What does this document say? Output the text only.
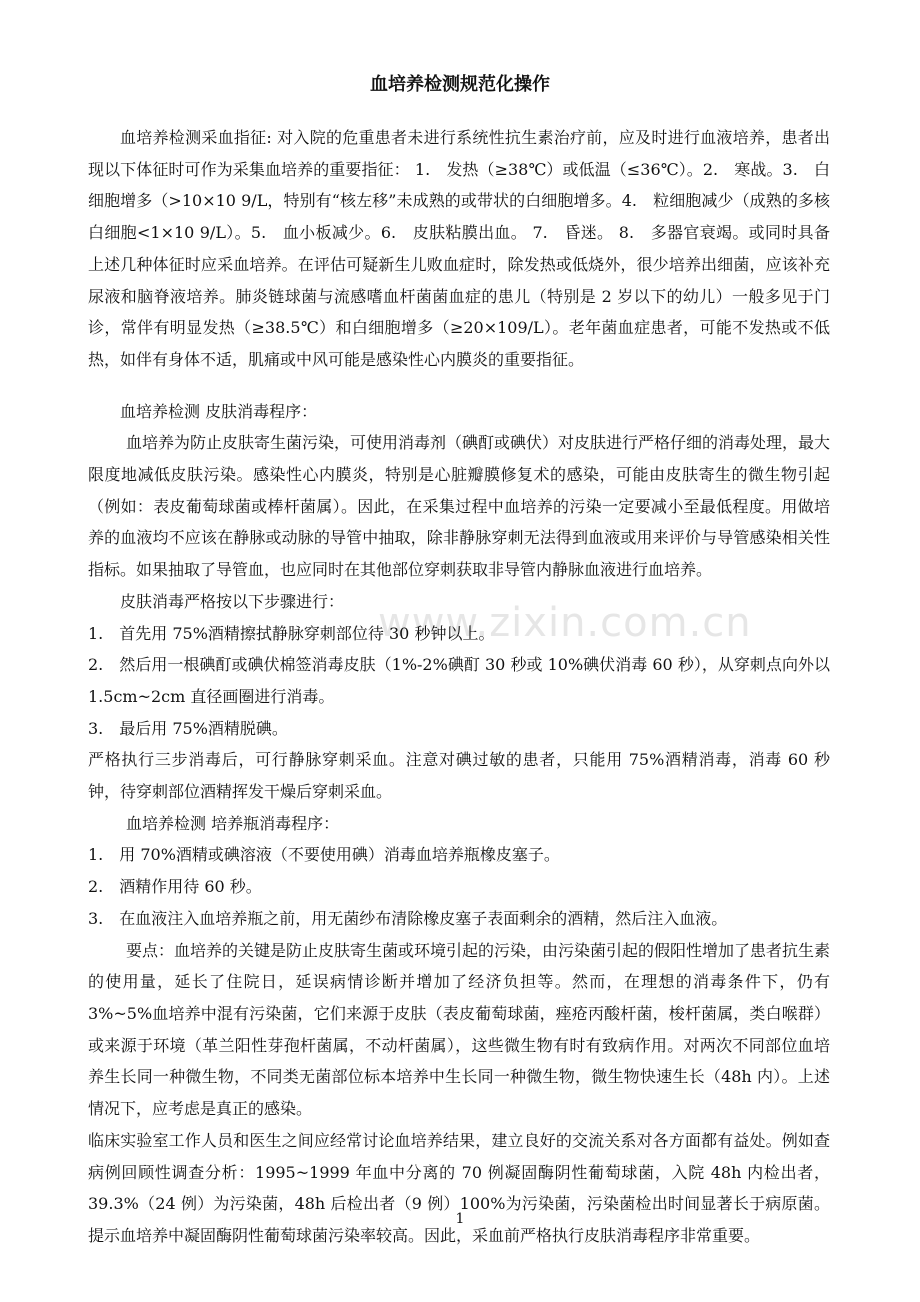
血培养检测规范化操作
www.zixin.com.cn

血培养检测采血指征: 对入院的危重患者未进行系统性抗生素治疗前，应及时进行血液培养，患者出现以下体征时可作为采集血培养的重要指征： 1.　发热（≥38℃）或低温（≤36℃）。2.　寒战。3.　白细胞增多（>10×10 9/L，特别有“核左移”未成熟的或带状的白细胞增多。4.　粒细胞减少（成熟的多核白细胞<1×10 9/L）。5.　血小板减少。6.　皮肤粘膜出血。 7.　昏迷。 8.　多器官衰竭。或同时具备上述几种体征时应采血培养。在评估可疑新生儿败血症时，除发热或低烧外，很少培养出细菌，应该补充尿液和脑脊液培养。肺炎链球菌与流感嗜血杆菌菌血症的患儿（特别是 2 岁以下的幼儿）一般多见于门诊，常伴有明显发热（≥38.5℃）和白细胞增多（≥20×109/L）。老年菌血症患者，可能不发热或不低热，如伴有身体不适，肌痛或中风可能是感染性心内膜炎的重要指征。

血培养检测 皮肤消毒程序：

血培养为防止皮肤寄生菌污染，可使用消毒剂（碘酊或碘伏）对皮肤进行严格仔细的消毒处理，最大限度地减低皮肤污染。感染性心内膜炎，特别是心脏瓣膜修复术的感染，可能由皮肤寄生的微生物引起（例如：表皮葡萄球菌或棒杆菌属）。因此，在采集过程中血培养的污染一定要减小至最低程度。用做培养的血液均不应该在静脉或动脉的导管中抽取，除非静脉穿刺无法得到血液或用来评价与导管感染相关性指标。如果抽取了导管血，也应同时在其他部位穿刺获取非导管内静脉血液进行血培养。

皮肤消毒严格按以下步骤进行：

1.　首先用 75%酒精擦拭静脉穿刺部位待 30 秒钟以上。

2.　然后用一根碘酊或碘伏棉签消毒皮肤（1%-2%碘酊 30 秒或 10%碘伏消毒 60 秒），从穿刺点向外以 1.5cm~2cm 直径画圈进行消毒。

3.　最后用 75%酒精脱碘。

严格执行三步消毒后，可行静脉穿刺采血。注意对碘过敏的患者，只能用 75%酒精消毒，消毒 60 秒钟，待穿刺部位酒精挥发干燥后穿刺采血。

血培养检测 培养瓶消毒程序：

1.　用 70%酒精或碘溶液（不要使用碘）消毒血培养瓶橡皮塞子。

2.　酒精作用待 60 秒。

3.　在血液注入血培养瓶之前，用无菌纱布清除橡皮塞子表面剩余的酒精，然后注入血液。

要点：血培养的关键是防止皮肤寄生菌或环境引起的污染，由污染菌引起的假阳性增加了患者抗生素的使用量，延长了住院日，延误病情诊断并增加了经济负担等。然而，在理想的消毒条件下，仍有 3%~5%血培养中混有污染菌，它们来源于皮肤（表皮葡萄球菌，痤疮丙酸杆菌，梭杆菌属，类白喉群）或来源于环境（革兰阳性芽孢杆菌属，不动杆菌属），这些微生物有时有致病作用。对两次不同部位血培养生长同一种微生物，不同类无菌部位标本培养中生长同一种微生物，微生物快速生长（48h 内）。上述情况下，应考虑是真正的感染。

临床实验室工作人员和医生之间应经常讨论血培养结果，建立良好的交流关系对各方面都有益处。例如查病例回顾性调查分析：1995~1999 年血中分离的 70 例凝固酶阴性葡萄球菌，入院 48h 内检出者，39.3%（24 例）为污染菌，48h 后检出者（9 例）100%为污染菌，污染菌检出时间显著长于病原菌。提示血培养中凝固酶阴性葡萄球菌污染率较高。因此，采血前严格执行皮肤消毒程序非常重要。

1
